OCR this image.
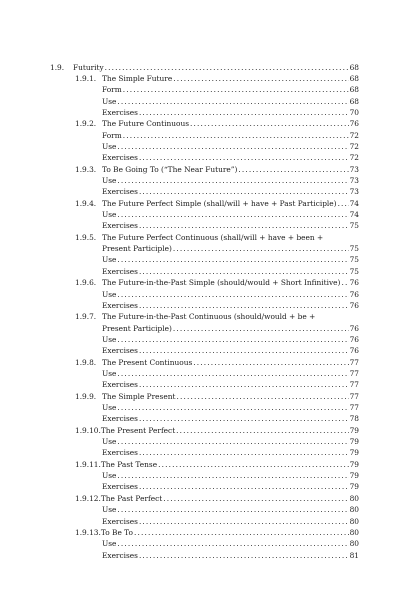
1.9.	Futurity . . .	68
1.9.1. The Simple Future . . .	68
Form . . .	68
Use . . .	68
Exercises . . .	70
1.9.2. The Future Continuous . . .	76
Form . . .	72
Use . . .	72
Exercises . . .	72
1.9.3. To Be Going To (“The Near Future”) . . .	73
Use . . .	73
Exercises . . .	73
1.9.4. The Future Perfect Simple (shall/will + have + Past Participle) . . . 74
Use . . .	74
Exercises . . .	75
1.9.5. The Future Perfect Continuous (shall/will + have + been +
Present Participle) . . .	75
Use . . .	75
Exercises . . .	75
1.9.6. The Future-in-the-Past Simple (should/would + Short Infinitive) . . . 76
Use . . .	76
Exercises . . .	76
1.9.7. The Future-in-the-Past Continuous (should/would + be +
Present Participle) . . .	76
Use . . .	76
Exercises . . .	76
1.9.8. The Present Continuous . . .	77
Use . . .	77
Exercises . . .	77
1.9.9. The Simple Present . . .	77
Use . . .	77
Exercises . . .	78
1.9.10. The Present Perfect . . .	79
Use . . .	79
Exercises . . .	79
1.9.11. The Past Tense . . .	79
Use . . .	79
Exercises . . .	79
1.9.12. The Past Perfect . . .	80
Use . . .	80
Exercises . . .	80
1.9.13. To Be To . . .	80
Use . . .	80
Exercises . . .	81
